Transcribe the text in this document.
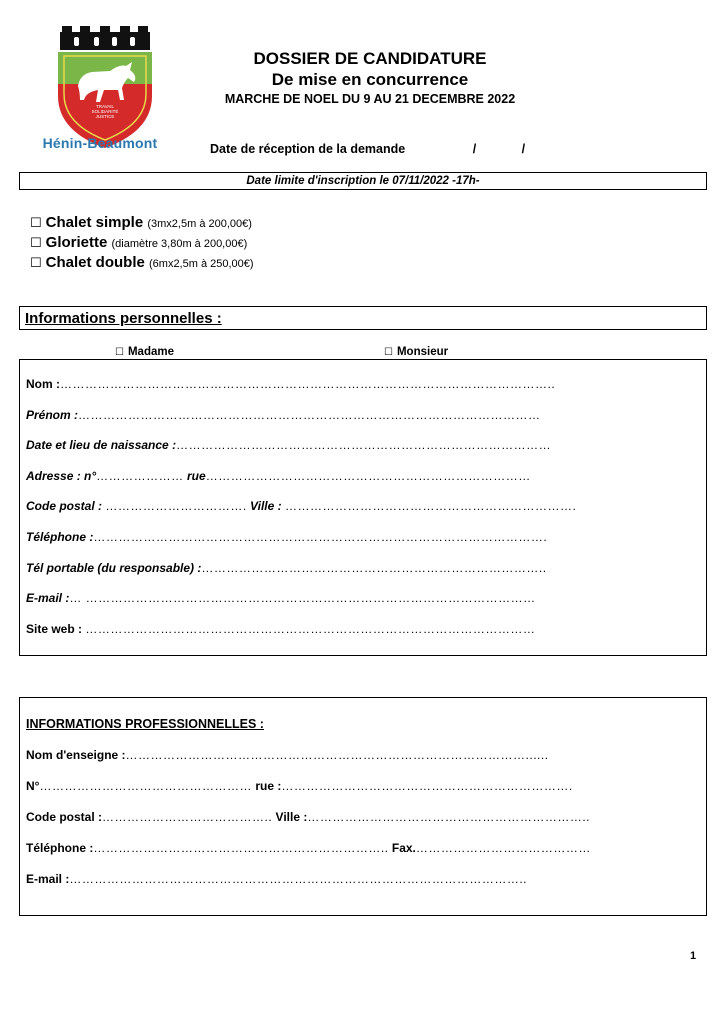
TRAVAIL
SOLIDARITÉ
JUSTICE
Hénin-Beaumont
DOSSIER DE CANDIDATURE
De mise en concurrence
MARCHE DE NOEL DU 9 AU 21 DECEMBRE 2022
Date de réception de la demande	/	/
Date limite d'inscription le 07/11/2022 -17h-
☐ Chalet simple (3mx2,5m à 200,00€)
☐ Gloriette (diamètre 3,80m à 200,00€)
☐ Chalet double (6mx2,5m à 250,00€)
Informations personnelles :
☐ Madame	☐ Monsieur
Nom :………………………………………………………………………………………………………..
Prénom :…………………………………………………………………………………………………
Date et lieu de naissance :………………………………………………………………………………
Adresse : n°………………… rue……………………………………………………………………
Code postal : ……………………………. Ville : …………………………………………………………….
Téléphone :……………………………………………………………………………………………….
Tél portable (du responsable) :………………………………………………………………………..
E-mail :… ………………………………………………………………………………………………
Site web : ………………………………………………………………………………………………
INFORMATIONS PROFESSIONNELLES :
Nom d'enseigne :……………………………………………………………………………………......
N°…………………………………………… rue :…………………………………………………………….
Code postal :………………………………….. Ville :…………………………………………………………..
Téléphone :…………………………………………………………….. Fax.……………………………………
E-mail :………………………………………………………………………………………………..
1
